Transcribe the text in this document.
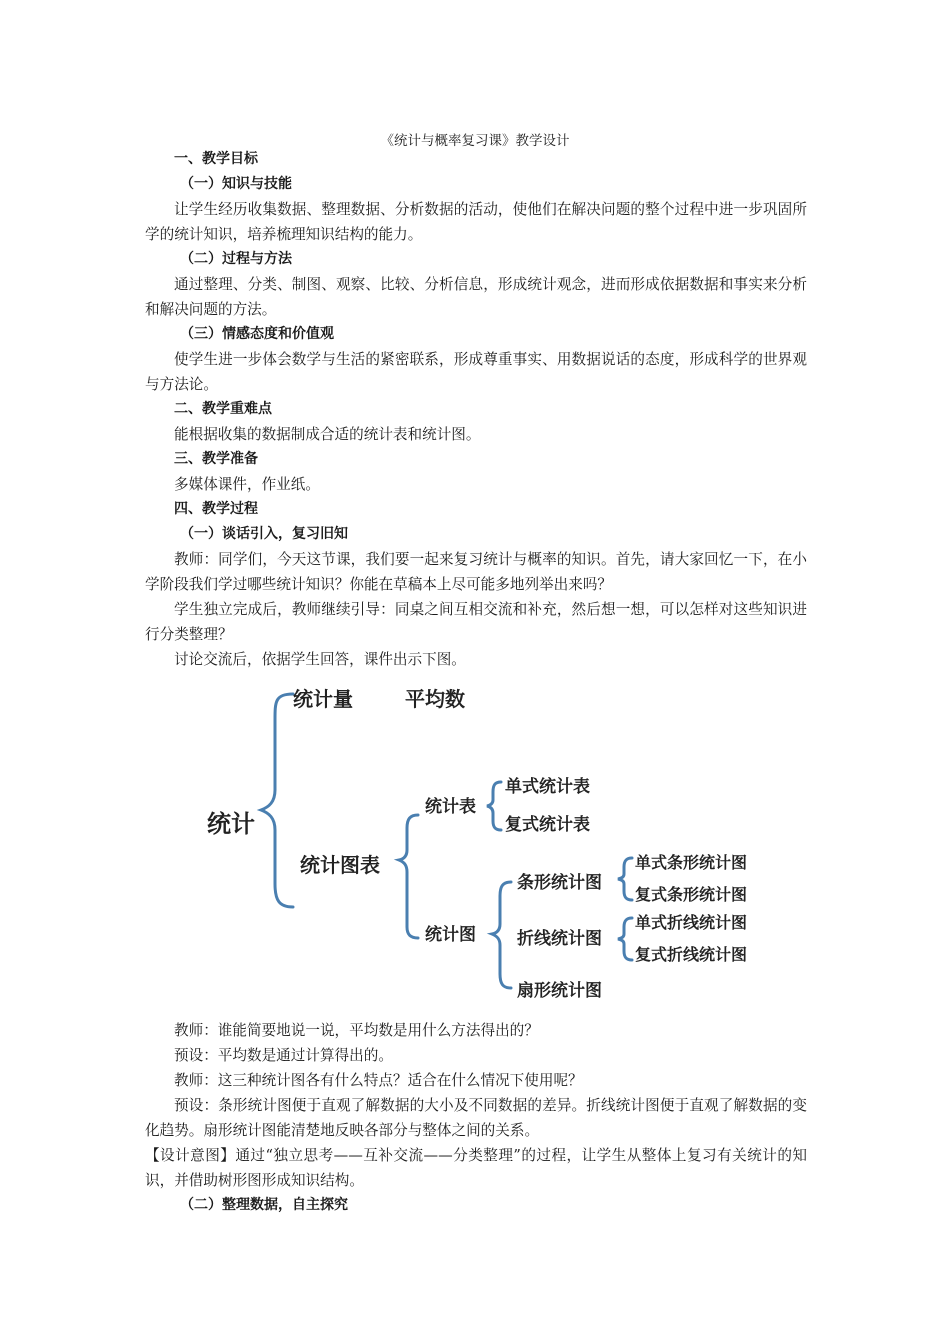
《统计与概率复习课》教学设计

一、教学目标

（一）知识与技能

让学生经历收集数据、整理数据、分析数据的活动，使他们在解决问题的整个过程中进一步巩固所学的统计知识，培养梳理知识结构的能力。

（二）过程与方法

通过整理、分类、制图、观察、比较、分析信息，形成统计观念，进而形成依据数据和事实来分析和解决问题的方法。

（三）情感态度和价值观

使学生进一步体会数学与生活的紧密联系，形成尊重事实、用数据说话的态度，形成科学的世界观与方法论。

二、教学重难点

能根据收集的数据制成合适的统计表和统计图。

三、教学准备

多媒体课件，作业纸。

四、教学过程

（一）谈话引入，复习旧知

教师：同学们，今天这节课，我们要一起来复习统计与概率的知识。首先，请大家回忆一下，在小学阶段我们学过哪些统计知识？你能在草稿本上尽可能多地列举出来吗？

学生独立完成后，教师继续引导：同桌之间互相交流和补充，然后想一想，可以怎样对这些知识进行分类整理？

讨论交流后，依据学生回答，课件出示下图。

统计
统计量	平均数
统计图表
统计表
单式统计表
复式统计表
统计图
条形统计图
折线统计图
扇形统计图
单式条形统计图
复式条形统计图
单式折线统计图
复式折线统计图

教师：谁能简要地说一说，平均数是用什么方法得出的？

预设：平均数是通过计算得出的。

教师：这三种统计图各有什么特点？适合在什么情况下使用呢？

预设：条形统计图便于直观了解数据的大小及不同数据的差异。折线统计图便于直观了解数据的变化趋势。扇形统计图能清楚地反映各部分与整体之间的关系。

【设计意图】通过“独立思考——互补交流——分类整理”的过程，让学生从整体上复习有关统计的知识，并借助树形图形成知识结构。

（二）整理数据，自主探究
